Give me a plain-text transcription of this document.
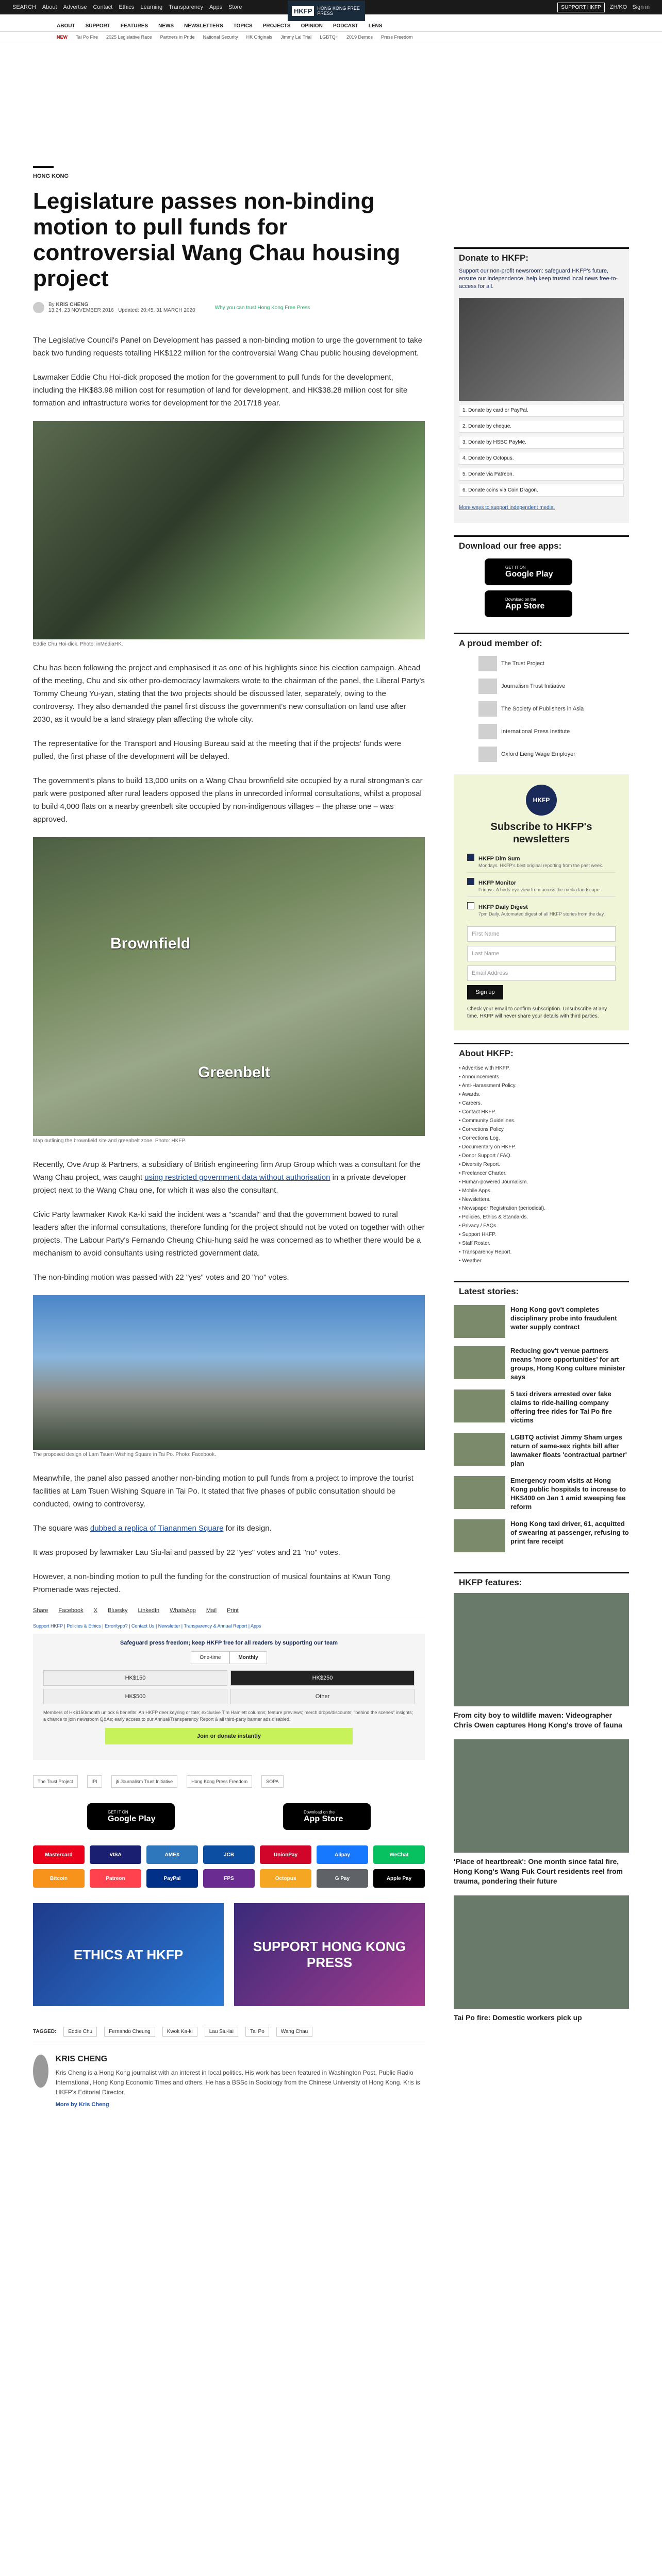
SEARCH About Advertise Contact Ethics Learning Transparency Apps Store	HKFP	HONG KONG FREE PRESS
SUPPORT HKFP	ZH/KO Sign in
ABOUT SUPPORT FEATURES NEWS NEWSLETTERS TOPICS PROJECTS OPINION PODCAST LENS
NEW Tai Po Fire 2025 Legislative Race Partners in Pride National Security HK Originals Jimmy Lai Trial LGBTQ+ 2019 Demos Press Freedom
HONG KONG
Legislature passes non-binding motion to pull funds for controversial Wang Chau housing project
By KRIS CHENG
13:24, 23 NOVEMBER 2016 Updated: 20:45, 31 MARCH 2020	Why you can trust Hong Kong Free Press

The Legislative Council's Panel on Development has passed a non-binding motion to urge the government to take back two funding requests totalling HK$122 million for the controversial Wang Chau public housing development.

Lawmaker Eddie Chu Hoi-dick proposed the motion for the government to pull funds for the development, including the HK$83.98 million cost for resumption of land for development, and HK$38.28 million cost for site formation and infrastructure works for development for the 2017/18 year.

Eddie Chu Hoi-dick. Photo: inMediaHK.

Chu has been following the project and emphasised it as one of his highlights since his election campaign. Ahead of the meeting, Chu and six other pro-democracy lawmakers wrote to the chairman of the panel, the Liberal Party's Tommy Cheung Yu-yan, stating that the two projects should be discussed later, separately, owing to the controversy. They also demanded the panel first discuss the government's new consultation on land use after 2030, as it would be a land strategy plan affecting the whole city.

The representative for the Transport and Housing Bureau said at the meeting that if the projects' funds were pulled, the first phase of the development will be delayed.

The government's plans to build 13,000 units on a Wang Chau brownfield site occupied by a rural strongman's car park were postponed after rural leaders opposed the plans in unrecorded informal consultations, whilst a proposal to build 4,000 flats on a nearby greenbelt site occupied by non-indigenous villages – the phase one – was approved.

Brownfield
Greenbelt
Map outlining the brownfield site and greenbelt zone. Photo: HKFP.

Recently, Ove Arup & Partners, a subsidiary of British engineering firm Arup Group which was a consultant for the Wang Chau project, was caught using restricted government data without authorisation in a private developer project next to the Wang Chau one, for which it was also the consultant.

Civic Party lawmaker Kwok Ka-ki said the incident was a "scandal" and that the government bowed to rural leaders after the informal consultations, therefore funding for the project should not be voted on together with other projects. The Labour Party's Fernando Cheung Chiu-hung said he was concerned as to whether there would be a mechanism to avoid consultants using restricted government data.

The non-binding motion was passed with 22 "yes" votes and 20 "no" votes.

The proposed design of Lam Tsuen Wishing Square in Tai Po. Photo: Facebook.

Meanwhile, the panel also passed another non-binding motion to pull funds from a project to improve the tourist facilities at Lam Tsuen Wishing Square in Tai Po. It stated that five phases of public consultation should be conducted, owing to controversy.

The square was dubbed a replica of Tiananmen Square for its design.

It was proposed by lawmaker Lau Siu-lai and passed by 22 "yes" votes and 21 "no" votes.

However, a non-binding motion to pull the funding for the construction of musical fountains at Kwun Tong Promenade was rejected.

Share Facebook X Bluesky LinkedIn WhatsApp Mail Print
Support HKFP | Policies & Ethics | Error/typo? | Contact Us | Newsletter | Transparency & Annual Report | Apps
Safeguard press freedom; keep HKFP free for all readers by supporting our team
One-time	Monthly
HK$150	HK$250
HK$500	Other
Members of HK$150/month unlock 6 benefits: An HKFP deer keyring or tote; exclusive Tim Hamlett columns; feature previews; merch drops/discounts; "behind the scenes" insights; a chance to join newsroom Q&As; early access to our Annual/Transparency Report & all third-party banner ads disabled.
Join or donate instantly
The Trust Project	IPI	jti Journalism Trust Initiative	Hong Kong Press Freedom	SOPA
GET IT ON
Google Play
Download on the
App Store
Mastercard	VISA	AMEX	JCB	UnionPay	Alipay	WeChat
Bitcoin	Patreon	PayPal	FPS	Octopus	G Pay	Apple Pay
ETHICS AT HKFP
SUPPORT HONG KONG PRESS
TAGGED:	Eddie Chu	Fernando Cheung	Kwok Ka-ki	Lau Siu-lai	Tai Po	Wang Chau
KRIS CHENG
Kris Cheng is a Hong Kong journalist with an interest in local politics. His work has been featured in Washington Post, Public Radio International, Hong Kong Economic Times and others. He has a BSSc in Sociology from the Chinese University of Hong Kong. Kris is HKFP's Editorial Director.
More by Kris Cheng
Donate to HKFP:
Support our non-profit newsroom: safeguard HKFP's future, ensure our independence, help keep trusted local news free-to-access for all.
1. Donate by card or PayPal.
2. Donate by cheque.
3. Donate by HSBC PayMe.
4. Donate by Octopus.
5. Donate via Patreon.
6. Donate coins via Coin Dragon.
More ways to support independent media.
Download our free apps:
GET IT ON
Google Play
Download on the
App Store
A proud member of:
The Trust Project
Journalism Trust Initiative
The Society of Publishers in Asia
International Press Institute
Oxford Lieng Wage Employer
HKFP
Subscribe to HKFP's newsletters
HKFP Dim Sum
Mondays. HKFP's best original reporting from the past week.
HKFP Monitor
Fridays. A birds-eye view from across the media landscape.
HKFP Daily Digest
7pm Daily. Automated digest of all HKFP stories from the day.
First Name
Last Name
Email Address
Sign up
Check your email to confirm subscription. Unsubscribe at any time. HKFP will never share your details with third parties.
About HKFP:
• Advertise with HKFP.
• Announcements.
• Anti-Harassment Policy.
• Awards.
• Careers.
• Contact HKFP.
• Community Guidelines.
• Corrections Policy.
• Corrections Log.
• Documentary on HKFP.
• Donor Support / FAQ.
• Diversity Report.
• Freelancer Charter.
• Human-powered Journalism.
• Mobile Apps.
• Newsletters.
• Newspaper Registration (periodical).
• Policies, Ethics & Standards.
• Privacy / FAQs.
• Support HKFP.
• Staff Roster.
• Transparency Report.
• Weather.
Latest stories:
Hong Kong gov't completes disciplinary probe into fraudulent water supply contract
Reducing gov't venue partners means 'more opportunities' for art groups, Hong Kong culture minister says
5 taxi drivers arrested over fake claims to ride-hailing company offering free rides for Tai Po fire victims
LGBTQ activist Jimmy Sham urges return of same-sex rights bill after lawmaker floats 'contractual partner' plan
Emergency room visits at Hong Kong public hospitals to increase to HK$400 on Jan 1 amid sweeping fee reform
Hong Kong taxi driver, 61, acquitted of swearing at passenger, refusing to print fare receipt
HKFP features:
From city boy to wildlife maven: Videographer Chris Owen captures Hong Kong's trove of fauna
'Place of heartbreak': One month since fatal fire, Hong Kong's Wang Fuk Court residents reel from trauma, pondering their future
Tai Po fire: Domestic workers pick up
